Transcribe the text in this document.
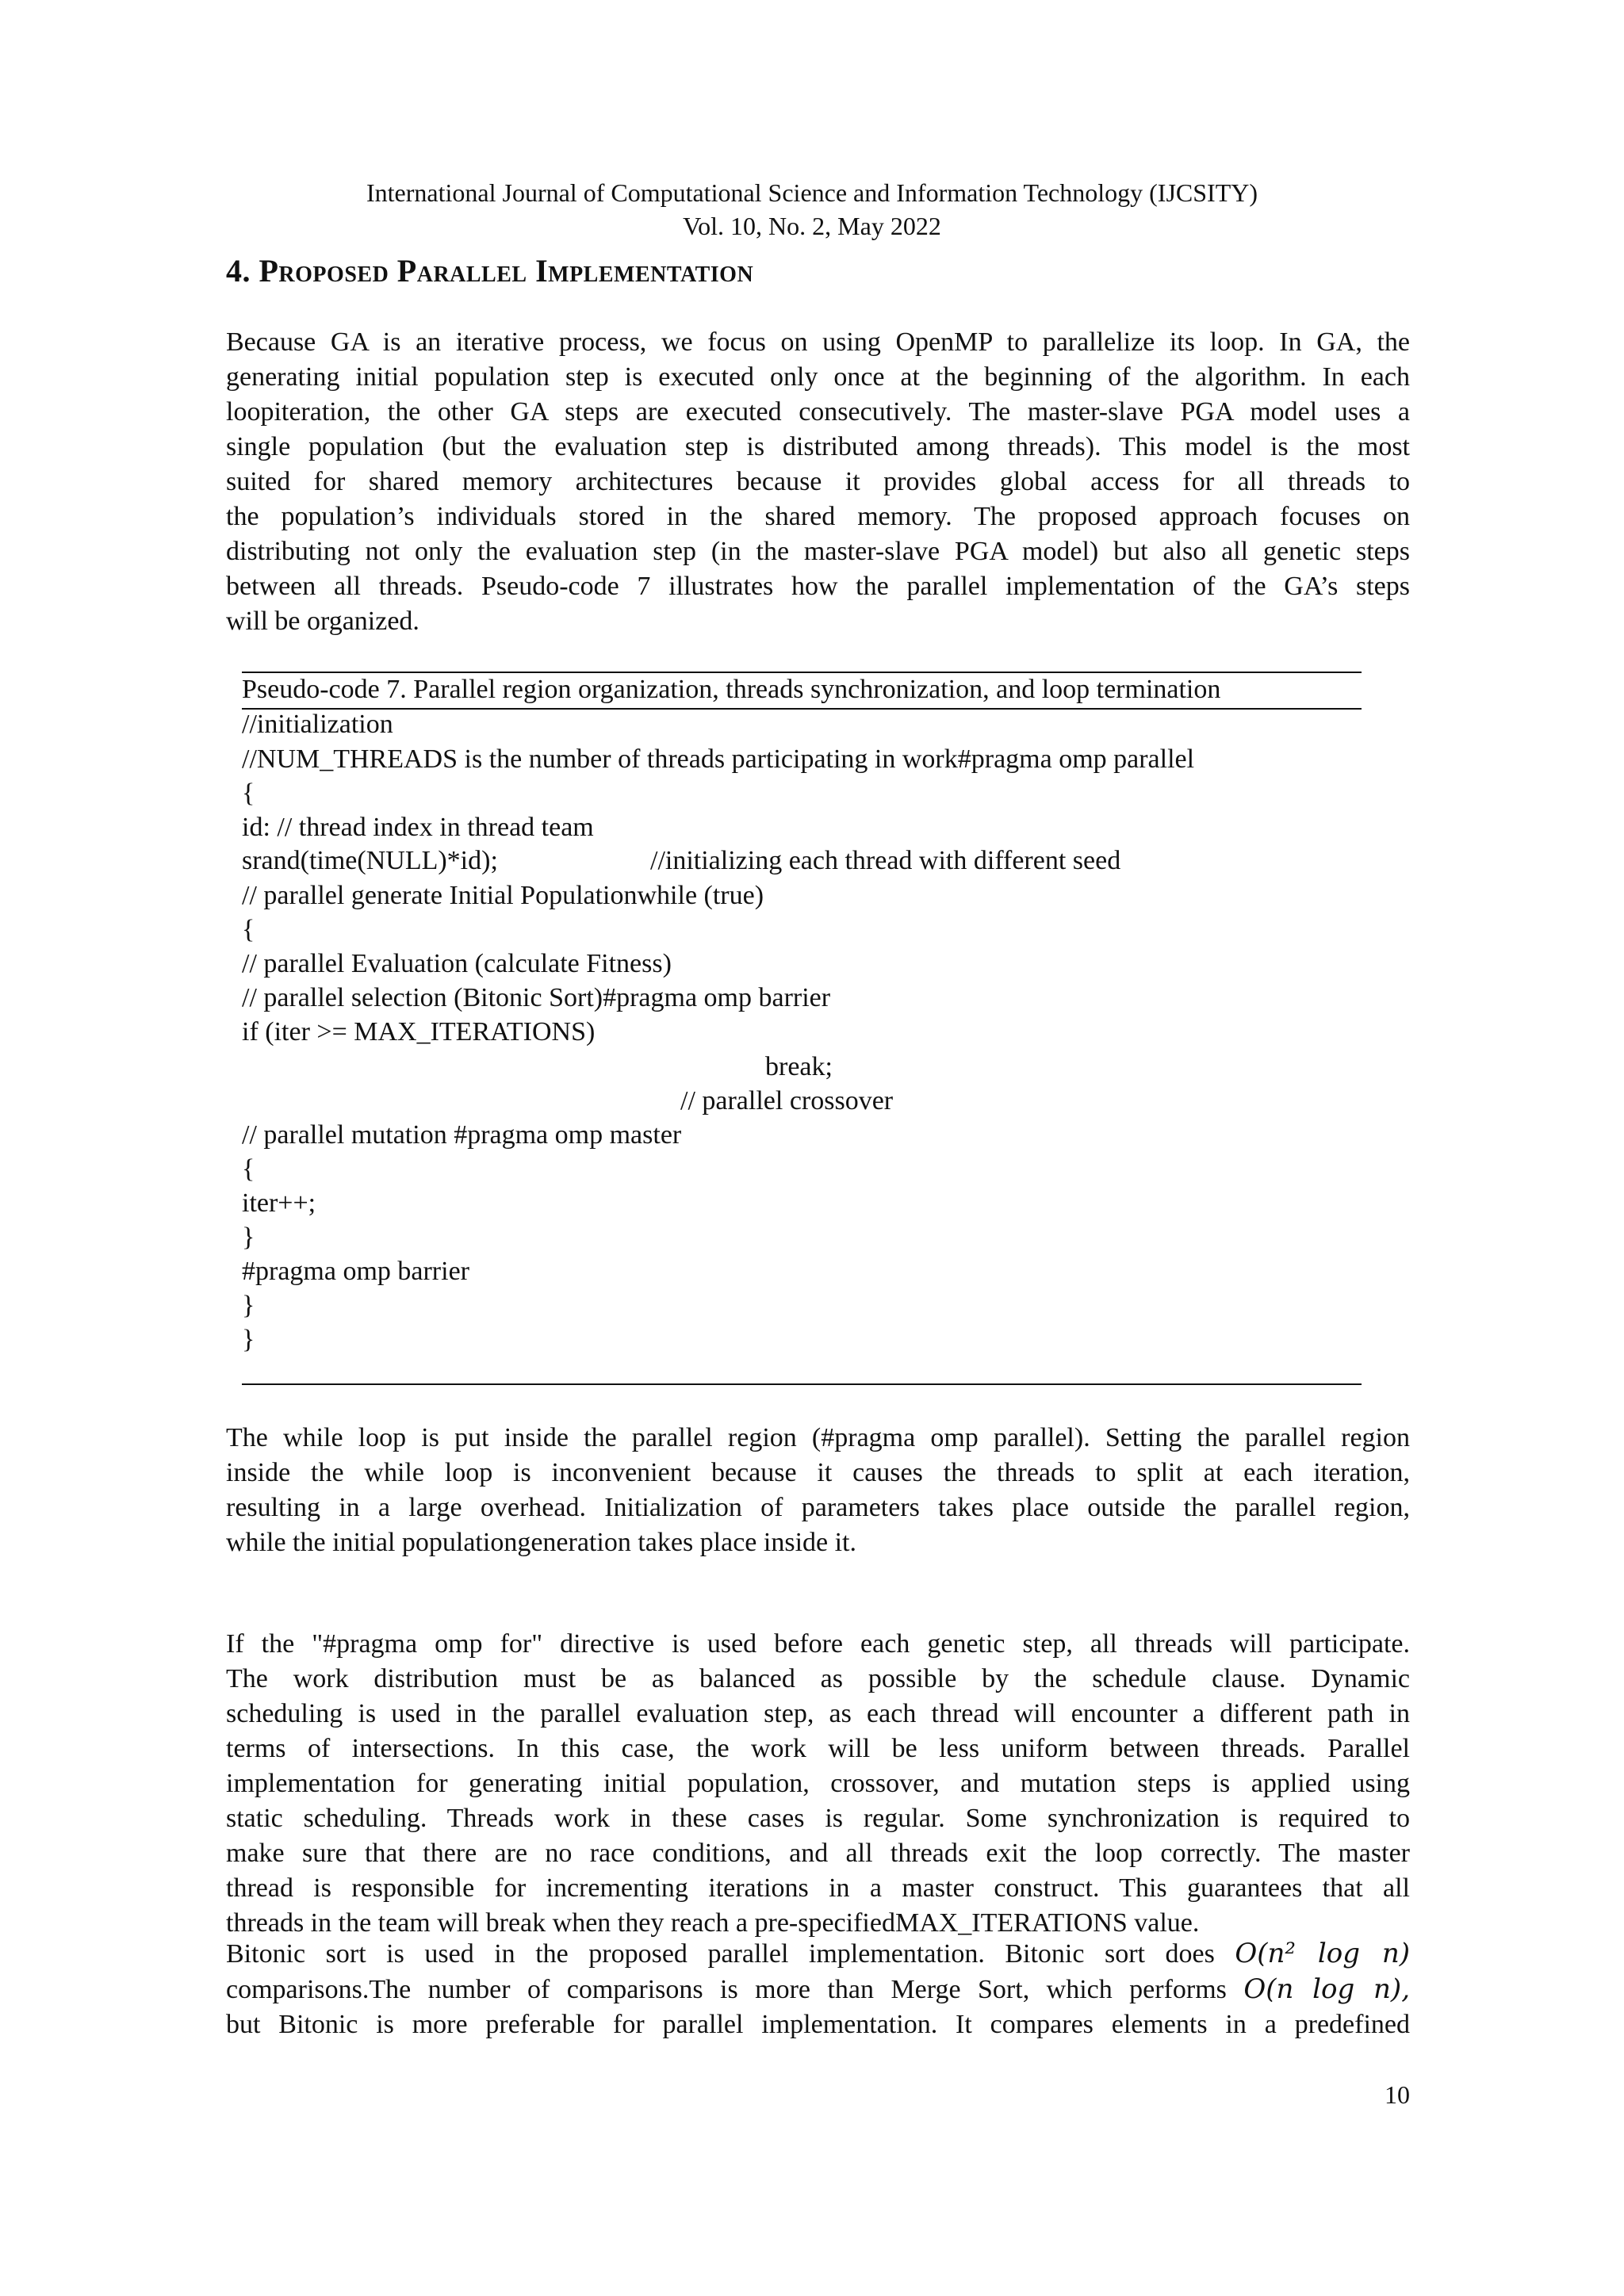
International Journal of Computational Science and Information Technology (IJCSITY)
Vol. 10, No. 2, May 2022
4. Proposed Parallel Implementation
Because GA is an iterative process, we focus on using OpenMP to parallelize its loop. In GA, the
generating initial population step is executed only once at the beginning of the algorithm. In each
loopiteration, the other GA steps are executed consecutively. The master-slave PGA model uses a
single population (but the evaluation step is distributed among threads). This model is the most
suited for shared memory architectures because it provides global access for all threads to
the population’s individuals stored in the shared memory. The proposed approach focuses on
distributing not only the evaluation step (in the master-slave PGA model) but also all genetic steps
between all threads. Pseudo-code 7 illustrates how the parallel implementation of the GA’s steps
will be organized.
Pseudo-code 7. Parallel region organization, threads synchronization, and loop termination
//initialization
//NUM_THREADS is the number of threads participating in work#pragma omp parallel
{
id: // thread index in thread team
srand(time(NULL)*id);	//initializing each thread with different seed
// parallel generate Initial Populationwhile (true)
{
// parallel Evaluation (calculate Fitness)
// parallel selection (Bitonic Sort)#pragma omp barrier
if (iter >= MAX_ITERATIONS)
break;
// parallel crossover
// parallel mutation #pragma omp master
{
iter++;
}
#pragma omp barrier
}
}
The while loop is put inside the parallel region (#pragma omp parallel). Setting the parallel region
inside the while loop is inconvenient because it causes the threads to split at each iteration,
resulting in a large overhead. Initialization of parameters takes place outside the parallel region,
while the initial populationgeneration takes place inside it.
If the "#pragma omp for" directive is used before each genetic step, all threads will participate.
The work distribution must be as balanced as possible by the schedule clause. Dynamic
scheduling is used in the parallel evaluation step, as each thread will encounter a different path in
terms of intersections. In this case, the work will be less uniform between threads. Parallel
implementation for generating initial population, crossover, and mutation steps is applied using
static scheduling. Threads work in these cases is regular. Some synchronization is required to
make sure that there are no race conditions, and all threads exit the loop correctly. The master
thread is responsible for incrementing iterations in a master construct. This guarantees that all
threads in the team will break when they reach a pre-specifiedMAX_ITERATIONS value.
Bitonic sort is used in the proposed parallel implementation. Bitonic sort does O(n² log n)
comparisons.The number of comparisons is more than Merge Sort, which performs O(n log n),
but Bitonic is more preferable for parallel implementation. It compares elements in a predefined
10
